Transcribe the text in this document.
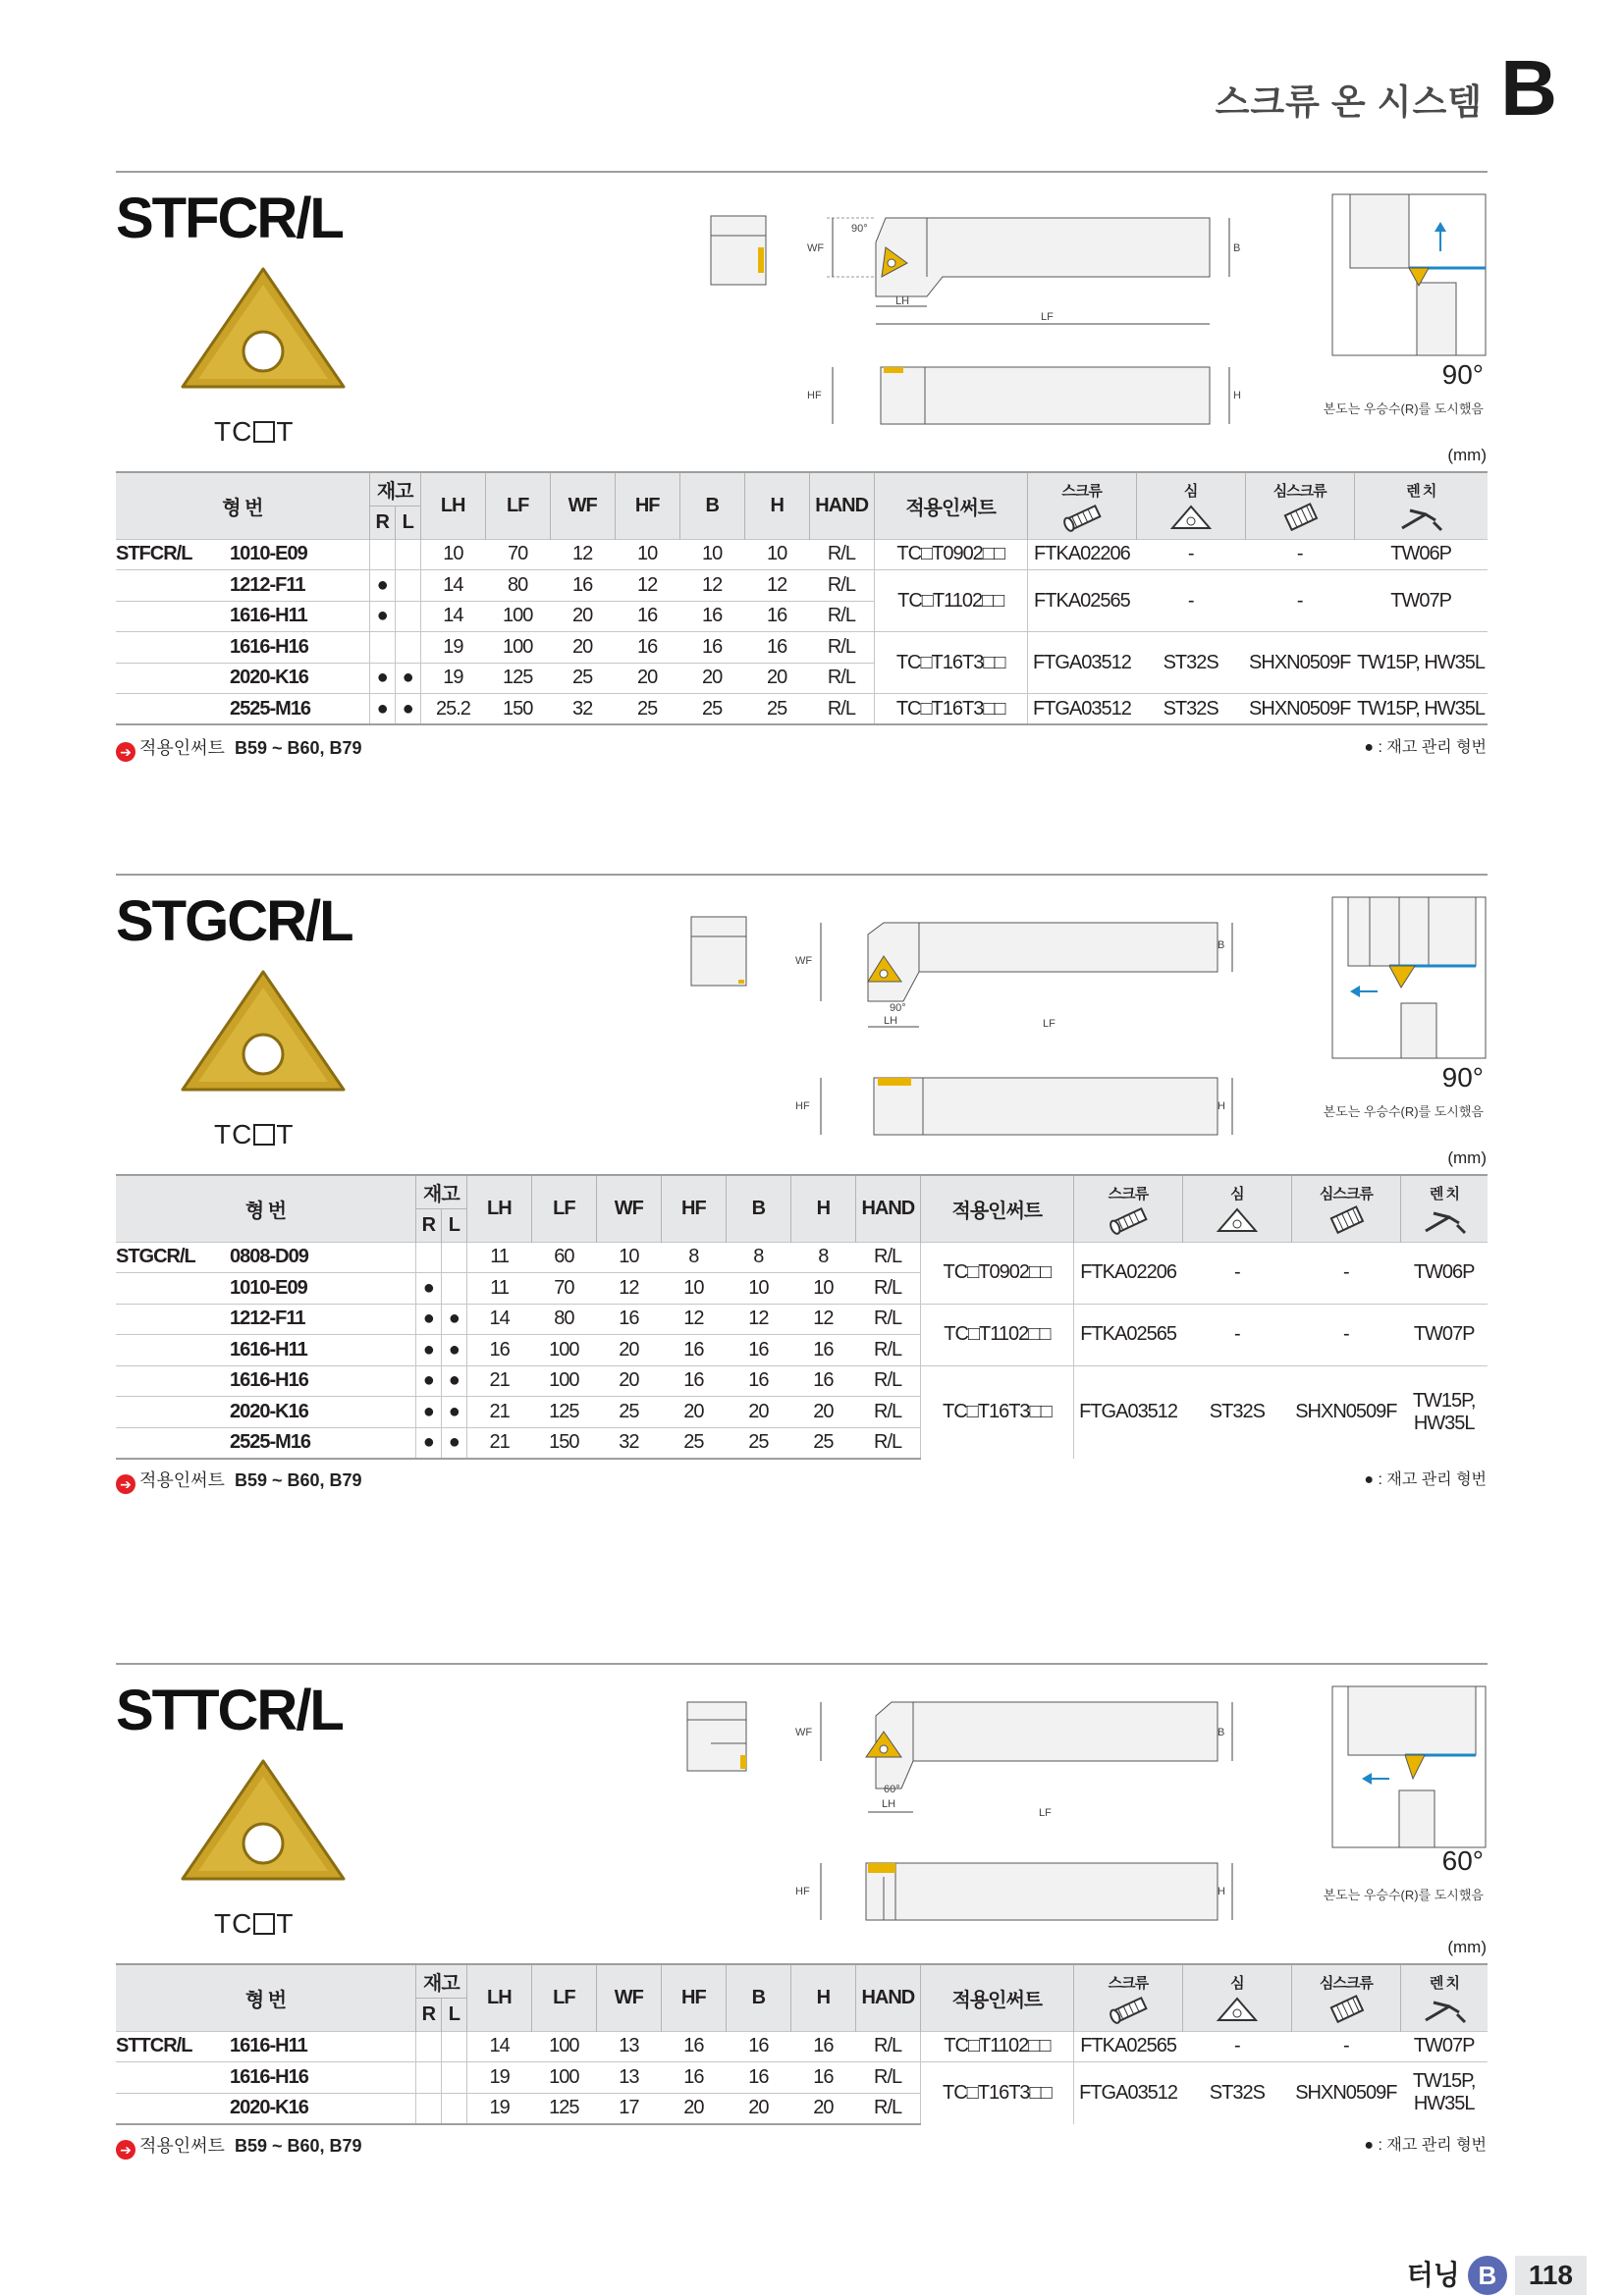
스크류 온 시스템 B
STFCR/L
TC T
WF
90°
LH
LF
B
HF	H
90°
본도는 우승수(R)를 도시했음
(mm)
형 번		재고		LH	LF	WF	HF	B	H	HAND	적용인써트	스크류	심	심스크류	렌 치

		R	L												
STFCR/L	1010-E09			10	70	12	10	10	10	R/L	TC□T0902□□	FTKA02206	-	-	TW06P
	1212-F11	●		14	80	16	12	12	12	R/L	TC□T1102□□	FTKA02565	-	-	TW07P
	1616-H11	●		14	100	20	16	16	16	R/L					
	1616-H16			19	100	20	16	16	16	R/L	TC□T16T3□□	FTGA03512	ST32S	SHXN0509F	TW15P, HW35L
	2020-K16	●	●	19	125	25	20	20	20	R/L					
	2525-M16	●	●	25.2	150	32	25	25	25	R/L	TC□T16T3□□	FTGA03512	ST32S	SHXN0509F	TW15P, HW35L
➔ 적용인써트 B59 ~ B60, B79	● : 재고 관리 형번
STGCR/L
TC T
WF
90°
LH	LF
B
HF	H
90°
본도는 우승수(R)를 도시했음
(mm)
형 번		재고		LH	LF	WF	HF	B	H	HAND	적용인써트	스크류	심	심스크류	렌 치

		R	L												
STGCR/L	0808-D09			11	60	10	8	8	8	R/L	TC□T0902□□	FTKA02206	-	-	TW06P
	1010-E09	●		11	70	12	10	10	10	R/L					
	1212-F11	●	●	14	80	16	12	12	12	R/L	TC□T1102□□	FTKA02565	-	-	TW07P
	1616-H11	●	●	16	100	20	16	16	16	R/L					
	1616-H16	●	●	21	100	20	16	16	16	R/L	TC□T16T3□□	FTGA03512	ST32S	SHXN0509F	TW15P,
HW35L
	2020-K16	●	●	21	125	25	20	20	20	R/L					
	2525-M16	●	●	21	150	32	25	25	25	R/L					
➔ 적용인써트 B59 ~ B60, B79	● : 재고 관리 형번
STTCR/L
TC T
WF
60°
LH
LF
B
HF	H
60°
본도는 우승수(R)를 도시했음
(mm)
형 번		재고		LH	LF	WF	HF	B	H	HAND	적용인써트	스크류	심	심스크류	렌 치

		R	L												
STTCR/L	1616-H11			14	100	13	16	16	16	R/L	TC□T1102□□	FTKA02565	-	-	TW07P
	1616-H16			19	100	13	16	16	16	R/L	TC□T16T3□□	FTGA03512	ST32S	SHXN0509F	TW15P,
HW35L
	2020-K16			19	125	17	20	20	20	R/L					
➔ 적용인써트 B59 ~ B60, B79	● : 재고 관리 형번
터닝 B 118
